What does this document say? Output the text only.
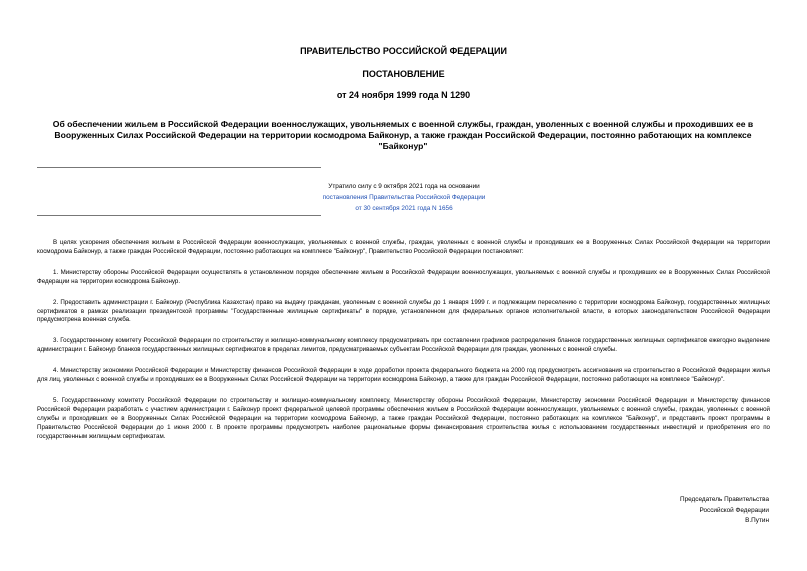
ПРАВИТЕЛЬСТВО РОССИЙСКОЙ ФЕДЕРАЦИИ
ПОСТАНОВЛЕНИЕ
от 24 ноября 1999 года N 1290
Об обеспечении жильем в Российской Федерации военнослужащих, увольняемых с военной службы, граждан, уволенных с военной службы и проходивших ее в Вооруженных Силах Российской Федерации на территории космодрома Байконур, а также граждан Российской Федерации, постоянно работающих на комплексе "Байконур"
Утратило силу с 9 октября 2021 года на основании
постановления Правительства Российской Федерации
от 30 сентября 2021 года N 1656

В целях ускорения обеспечения жильем в Российской Федерации военнослужащих, увольняемых с военной службы, граждан, уволенных с военной службы и проходивших ее в Вооруженных Силах Российской Федерации на территории космодрома Байконур, а также граждан Российской Федерации, постоянно работающих на комплексе "Байконур", Правительство Российской Федерации постановляет:

1. Министерству обороны Российской Федерации осуществлять в установленном порядке обеспечение жильем в Российской Федерации военнослужащих, увольняемых с военной службы и проходивших ее в Вооруженных Силах Российской Федерации на территории космодрома Байконур.

2. Предоставить администрации г. Байконур (Республика Казахстан) право на выдачу гражданам, уволенным с военной службы до 1 января 1999 г. и подлежащим переселению с территории космодрома Байконур, государственных жилищных сертификатов в рамках реализации президентской программы "Государственные жилищные сертификаты" в порядке, установленном для федеральных органов исполнительной власти, в которых законодательством Российской Федерации предусмотрена военная служба.

3. Государственному комитету Российской Федерации по строительству и жилищно-коммунальному комплексу предусматривать при составлении графиков распределения бланков государственных жилищных сертификатов ежегодно выделение администрации г. Байконур бланков государственных жилищных сертификатов в пределах лимитов, предусматриваемых субъектам Российской Федерации для граждан, уволенных с военной службы.

4. Министерству экономики Российской Федерации и Министерству финансов Российской Федерации в ходе доработки проекта федерального бюджета на 2000 год предусмотреть ассигнования на строительство в Российской Федерации жилья для лиц, уволенных с военной службы и проходивших ее в Вооруженных Силах Российской Федерации на территории космодрома Байконур, а также для граждан Российской Федерации, постоянно работающих на комплексе "Байконур".

5. Государственному комитету Российской Федерации по строительству и жилищно-коммунальному комплексу, Министерству обороны Российской Федерации, Министерству экономики Российской Федерации и Министерству финансов Российской Федерации разработать с участием администрации г. Байконур проект федеральной целевой программы обеспечения жильем в Российской Федерации военнослужащих, увольняемых с военной службы, граждан, уволенных с военной службы и проходивших ее в Вооруженных Силах Российской Федерации на территории космодрома Байконур, а также граждан Российской Федерации, постоянно работающих на комплексе "Байконур", и представить проект программы в Правительство Российской Федерации до 1 июня 2000 г. В проекте программы предусмотреть наиболее рациональные формы финансирования строительства жилья с использованием государственных инвестиций и приобретения его по государственным жилищным сертификатам.

Председатель Правительства
Российской Федерации
В.Путин
